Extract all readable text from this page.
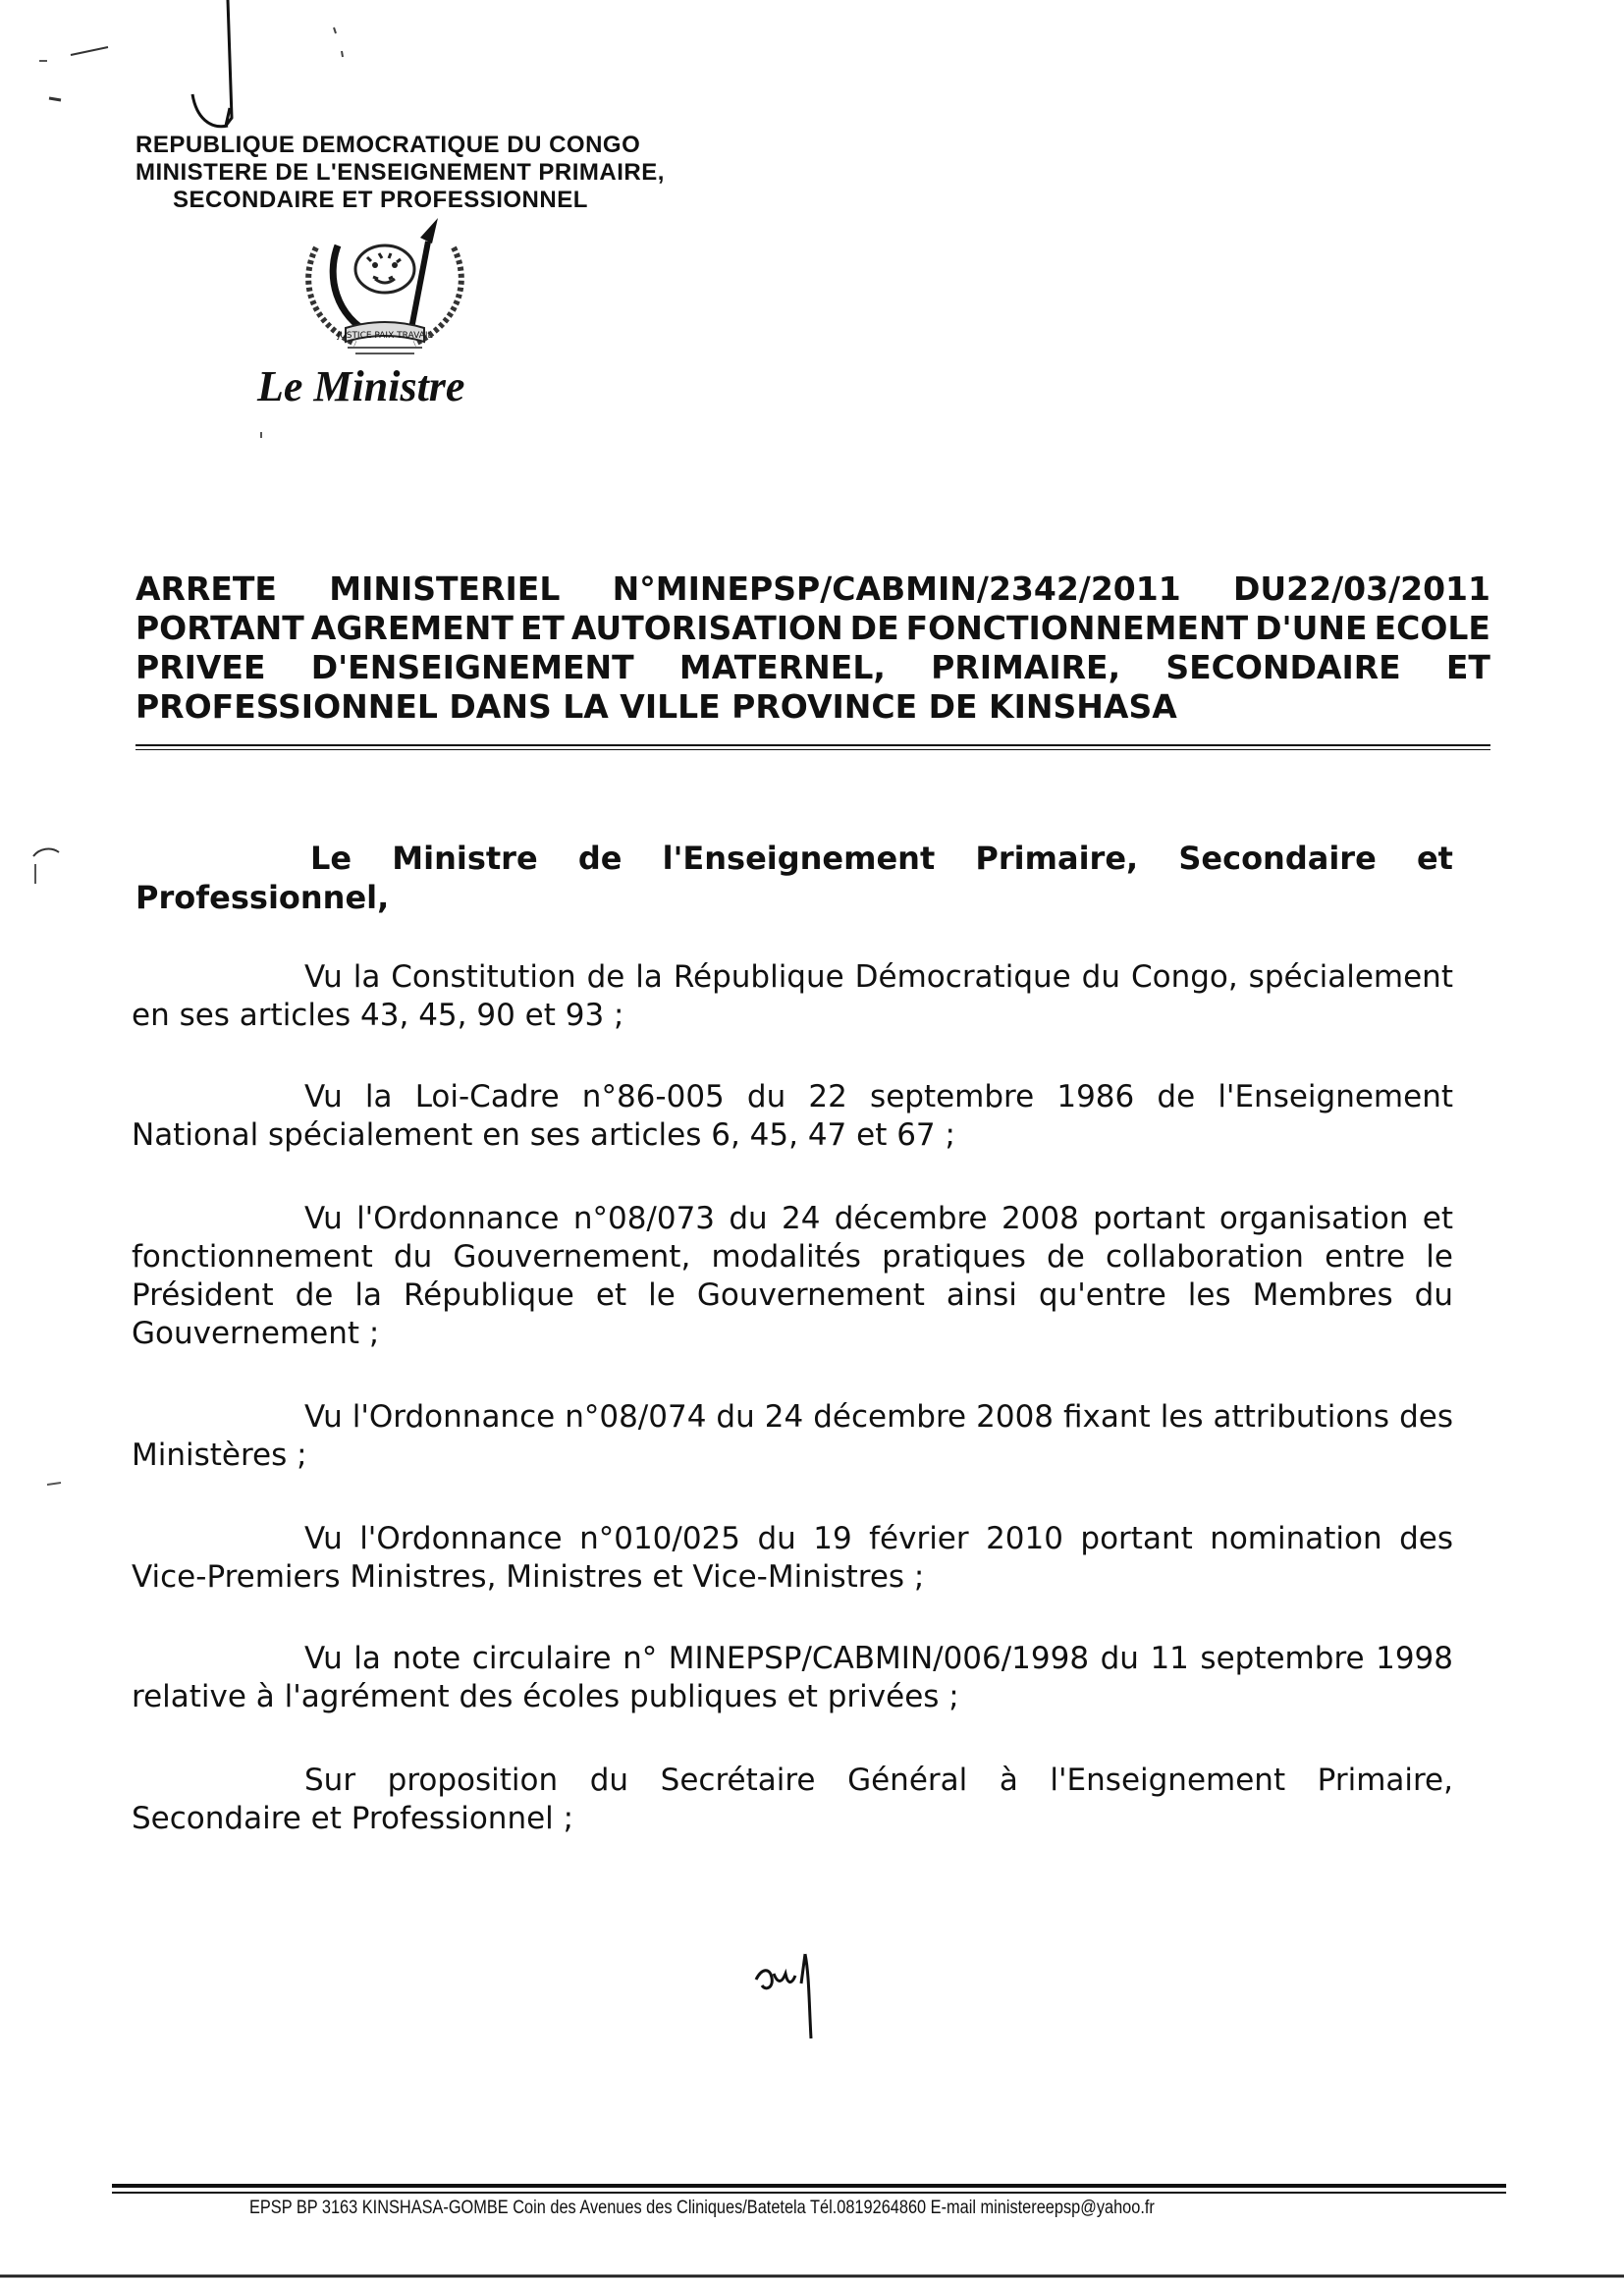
REPUBLIQUE DEMOCRATIQUE DU CONGO
MINISTERE DE L'ENSEIGNEMENT PRIMAIRE,
SECONDAIRE ET PROFESSIONNEL
JUSTICE PAIX TRAVAIL
Le Ministre
ARRETE MINISTERIEL N°MINEPSP/CABMIN/2342/2011 DU22/03/2011
PORTANT AGREMENT ET AUTORISATION DE FONCTIONNEMENT D'UNE ECOLE
PRIVEE D'ENSEIGNEMENT MATERNEL, PRIMAIRE, SECONDAIRE ET
PROFESSIONNEL DANS LA VILLE PROVINCE DE KINSHASA
Le Ministre de l'Enseignement Primaire, Secondaire et
Professionnel,
Vu la Constitution de la République Démocratique du Congo, spécialement en ses articles 43, 45, 90 et 93 ;
Vu la Loi-Cadre n°86-005 du 22 septembre 1986 de l'Enseignement National spécialement en ses articles 6, 45, 47 et 67 ;
Vu l'Ordonnance n°08/073 du 24 décembre 2008 portant organisation et fonctionnement du Gouvernement, modalités pratiques de collaboration entre le Président de la République et le Gouvernement ainsi qu'entre les Membres du Gouvernement ;
Vu l'Ordonnance n°08/074 du 24 décembre 2008 fixant les attributions des Ministères ;
Vu l'Ordonnance n°010/025 du 19 février 2010 portant nomination des Vice-Premiers Ministres, Ministres et Vice-Ministres ;
Vu la note circulaire n° MINEPSP/CABMIN/006/1998 du 11 septembre 1998 relative à l'agrément des écoles publiques et privées ;
Sur proposition du Secrétaire Général à l'Enseignement Primaire, Secondaire et Professionnel ;
EPSP BP 3163 KINSHASA-GOMBE Coin des Avenues des Cliniques/Batetela Tél.0819264860 E-mail ministereepsp@yahoo.fr
